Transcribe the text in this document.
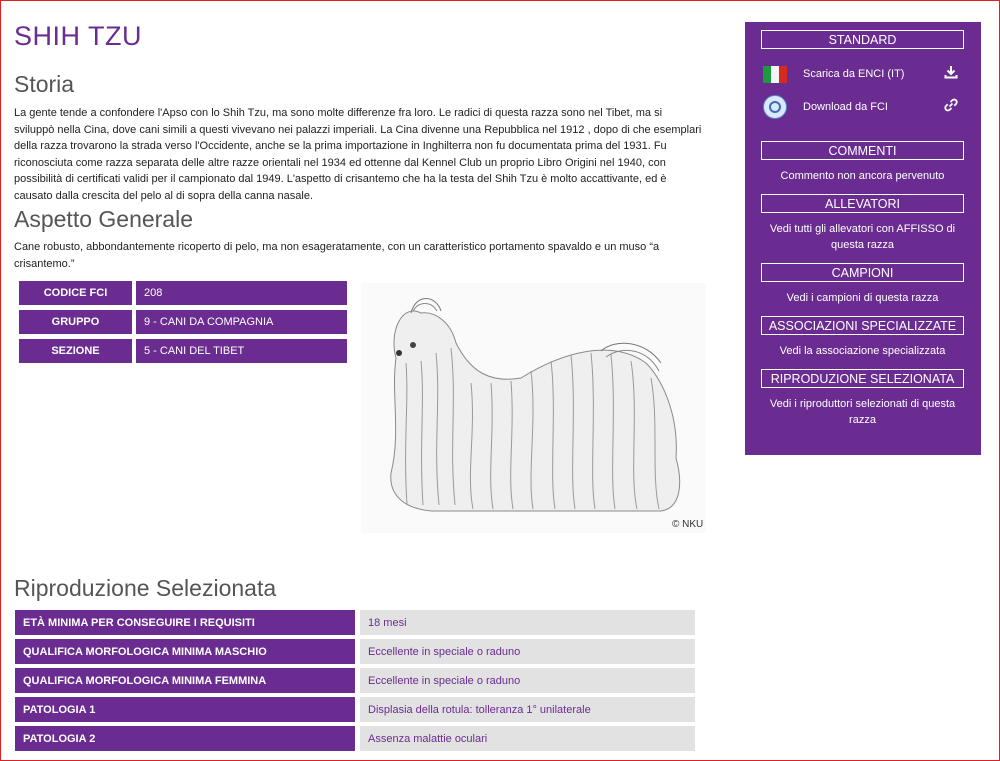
SHIH TZU
Storia

La gente tende a confondere l'Apso con lo Shih Tzu, ma sono molte differenze fra loro. Le radici di questa razza sono nel Tibet, ma si sviluppò nella Cina, dove cani simili a questi vivevano nei palazzi imperiali. La Cina divenne una Repubblica nel 1912 , dopo di che esemplari della razza trovarono la strada verso l'Occidente, anche se la prima importazione in Inghilterra non fu documentata prima del 1931. Fu riconosciuta come razza separata delle altre razze orientali nel 1934 ed ottenne dal Kennel Club un proprio Libro Origini nel 1940, con possibilità di certificati validi per il campionato dal 1949. L'aspetto di crisantemo che ha la testa del Shih Tzu è molto accattivante, ed è causato dalla crescita del pelo al di sopra della canna nasale.

Aspetto Generale

Cane robusto, abbondantemente ricoperto di pelo, ma non esageratamente, con un caratteristico portamento spavaldo e un muso “a crisantemo.”

CODICE FCI	208
GRUPPO	9 - CANI DA COMPAGNIA
SEZIONE	5 - CANI DEL TIBET
© NKU
Riproduzione Selezionata
ETÀ MINIMA PER CONSEGUIRE I REQUISITI	18 mesi
QUALIFICA MORFOLOGICA MINIMA MASCHIO	Eccellente in speciale o raduno
QUALIFICA MORFOLOGICA MINIMA FEMMINA	Eccellente in speciale o raduno
PATOLOGIA 1	Displasia della rotula: tolleranza 1° unilaterale
PATOLOGIA 2	Assenza malattie oculari
STANDARD
Scarica da ENCI (IT)
Download da FCI
COMMENTI
Commento non ancora pervenuto
ALLEVATORI
Vedi tutti gli allevatori con AFFISSO di questa razza
CAMPIONI
Vedi i campioni di questa razza
ASSOCIAZIONI SPECIALIZZATE
Vedi la associazione specializzata
RIPRODUZIONE SELEZIONATA
Vedi i riproduttori selezionati di questa razza
